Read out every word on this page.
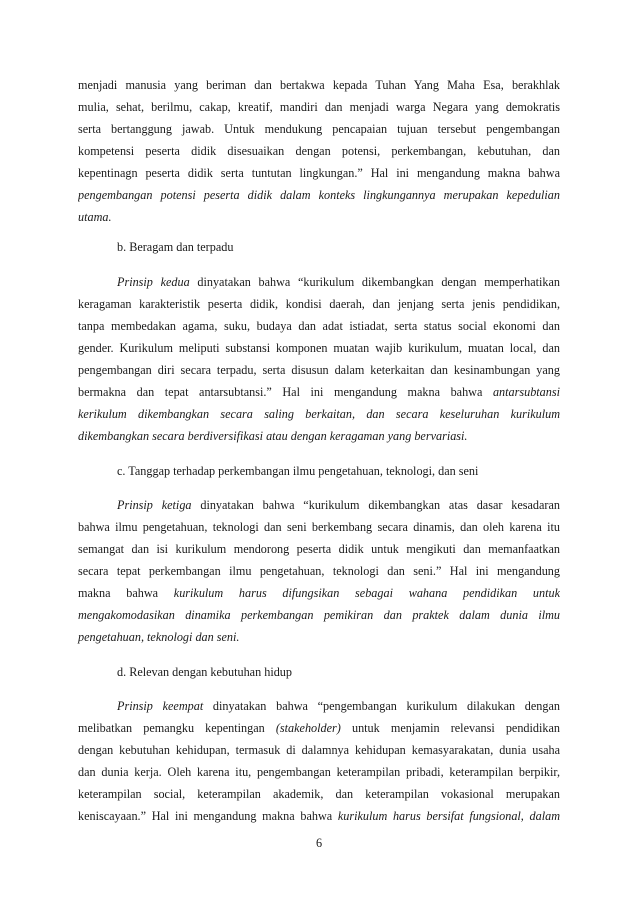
menjadi manusia yang beriman dan bertakwa kepada Tuhan Yang Maha Esa, berakhlak
mulia, sehat, berilmu, cakap, kreatif, mandiri dan menjadi warga Negara yang demokratis
serta bertanggung jawab. Untuk mendukung pencapaian tujuan tersebut pengembangan
kompetensi peserta didik disesuaikan dengan potensi, perkembangan, kebutuhan, dan
kepentinagn peserta didik serta tuntutan lingkungan.” Hal ini mengandung makna bahwa
pengembangan potensi peserta didik dalam konteks lingkungannya merupakan kepedulian
utama.
b. Beragam dan terpadu
Prinsip kedua dinyatakan bahwa “kurikulum dikembangkan dengan memperhatikan
keragaman karakteristik peserta didik, kondisi daerah, dan jenjang serta jenis pendidikan,
tanpa membedakan agama, suku, budaya dan adat istiadat, serta status social ekonomi dan
gender. Kurikulum meliputi substansi komponen muatan wajib kurikulum, muatan local, dan
pengembangan diri secara terpadu, serta disusun dalam keterkaitan dan kesinambungan yang
bermakna dan tepat antarsubtansi.” Hal ini mengandung makna bahwa antarsubtansi
kerikulum dikembangkan secara saling berkaitan, dan secara keseluruhan kurikulum
dikembangkan secara berdiversifikasi atau dengan keragaman yang bervariasi.
c. Tanggap terhadap perkembangan ilmu pengetahuan, teknologi, dan seni
Prinsip ketiga dinyatakan bahwa “kurikulum dikembangkan atas dasar kesadaran
bahwa ilmu pengetahuan, teknologi dan seni berkembang secara dinamis, dan oleh karena itu
semangat dan isi kurikulum mendorong peserta didik untuk mengikuti dan memanfaatkan
secara tepat perkembangan ilmu pengetahuan, teknologi dan seni.” Hal ini mengandung
makna bahwa kurikulum harus difungsikan sebagai wahana pendidikan untuk
mengakomodasikan dinamika perkembangan pemikiran dan praktek dalam dunia ilmu
pengetahuan, teknologi dan seni.
d. Relevan dengan kebutuhan hidup
Prinsip keempat dinyatakan bahwa “pengembangan kurikulum dilakukan dengan
melibatkan pemangku kepentingan (stakeholder) untuk menjamin relevansi pendidikan
dengan kebutuhan kehidupan, termasuk di dalamnya kehidupan kemasyarakatan, dunia usaha
dan dunia kerja. Oleh karena itu, pengembangan keterampilan pribadi, keterampilan berpikir,
keterampilan social, keterampilan akademik, dan keterampilan vokasional merupakan
keniscayaan.” Hal ini mengandung makna bahwa kurikulum harus bersifat fungsional, dalam
6
